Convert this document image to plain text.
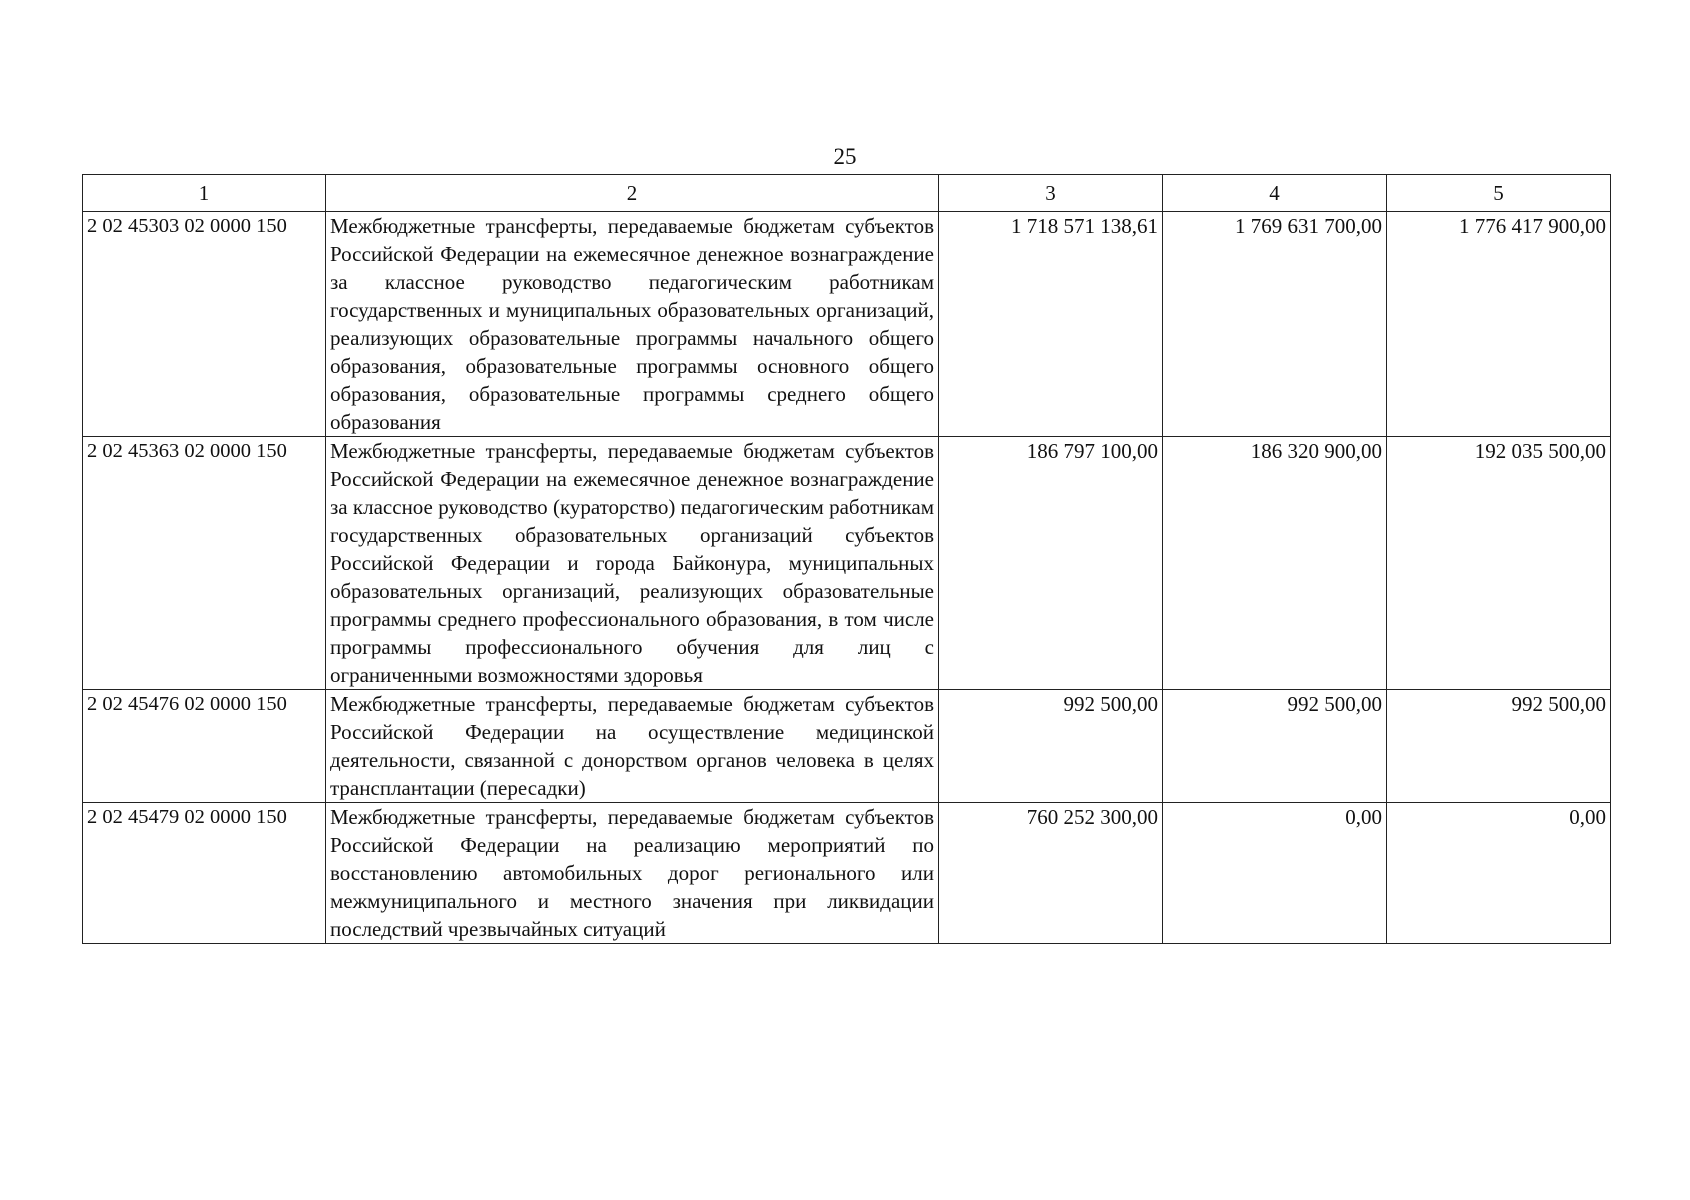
25
1	2	3	4	5
2 02 45303 02 0000 150	Межбюджетные трансферты, передаваемые бюджетам субъектов Российской Федерации на ежемесячное денежное вознаграждение за классное руководство педагогическим работникам государственных и муниципальных образовательных организаций, реализующих образовательные программы начального общего образования, образовательные программы основного общего образования, образовательные программы среднего общего образования	1 718 571 138,61	1 769 631 700,00	1 776 417 900,00
2 02 45363 02 0000 150	Межбюджетные трансферты, передаваемые бюджетам субъектов Российской Федерации на ежемесячное денежное вознаграждение за классное руководство (кураторство) педагогическим работникам государственных образовательных организаций субъектов Российской Федерации и города Байконура, муниципальных образовательных организаций, реализующих образовательные программы среднего профессионального образования, в том числе программы профессионального обучения для лиц с ограниченными возможностями здоровья	186 797 100,00	186 320 900,00	192 035 500,00
2 02 45476 02 0000 150	Межбюджетные трансферты, передаваемые бюджетам субъектов Российской Федерации на осуществление медицинской деятельности, связанной с донорством органов человека в целях трансплантации (пересадки)	992 500,00	992 500,00	992 500,00
2 02 45479 02 0000 150	Межбюджетные трансферты, передаваемые бюджетам субъектов Российской Федерации на реализацию мероприятий по восстановлению автомобильных дорог регионального или межмуниципального и местного значения при ликвидации последствий чрезвычайных ситуаций	760 252 300,00	0,00	0,00
